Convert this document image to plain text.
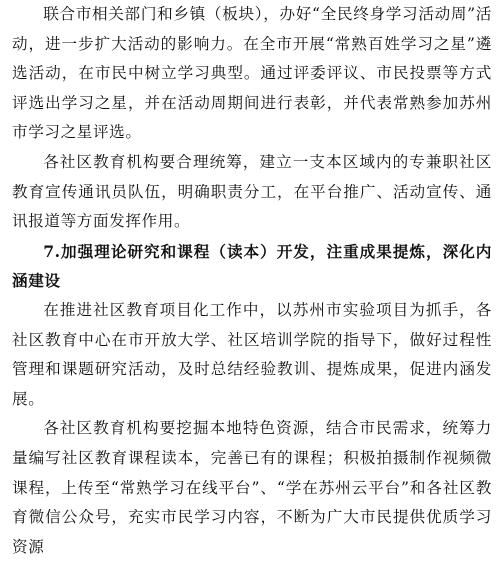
联合市相关部门和乡镇（板块），办好“全民终身学习活动周”活动，进一步扩大活动的影响力。在全市开展“常熟百姓学习之星”遴选活动，在市民中树立学习典型。通过评委评议、市民投票等方式评选出学习之星，并在活动周期间进行表彰，并代表常熟参加苏州市学习之星评选。

各社区教育机构要合理统筹，建立一支本区域内的专兼职社区教育宣传通讯员队伍，明确职责分工，在平台推广、活动宣传、通讯报道等方面发挥作用。

7.加强理论研究和课程（读本）开发，注重成果提炼，深化内涵建设

在推进社区教育项目化工作中，以苏州市实验项目为抓手，各社区教育中心在市开放大学、社区培训学院的指导下，做好过程性管理和课题研究活动，及时总结经验教训、提炼成果，促进内涵发展。

各社区教育机构要挖掘本地特色资源，结合市民需求，统筹力量编写社区教育课程读本，完善已有的课程；积极拍摄制作视频微课程，上传至“常熟学习在线平台”、“学在苏州云平台”和各社区教育微信公众号，充实市民学习内容，不断为广大市民提供优质学习资源
